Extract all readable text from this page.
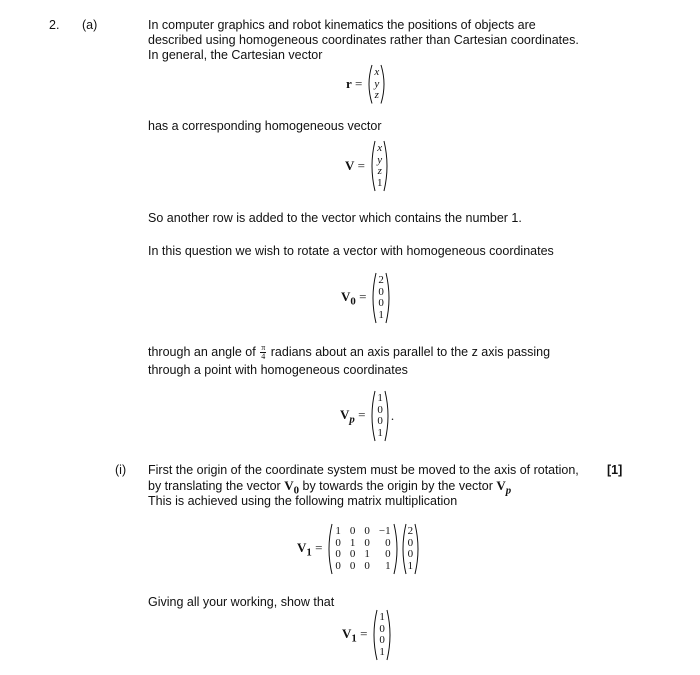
2. (a)	In computer graphics and robot kinematics the positions of objects are
described using homogeneous coordinates rather than Cartesian coordinates.
In general, the Cartesian vector
r =
x
y
z
has a corresponding homogeneous vector
V =
x
y
z
1
So another row is added to the vector which contains the number 1.
In this question we wish to rotate a vector with homogeneous coordinates
$V_0$ =
2
0
0
1
through an angle of $\frac{\pi}{4}$ radians about an axis parallel to the z axis passing
through a point with homogeneous coordinates
$V_p$ =
1
0
0
1
.
(i)	[1]
First the origin of the coordinate system must be moved to the axis of rotation,
by translating the vector $V_0$ by towards the origin by the vector $V_p$
This is achieved using the following matrix multiplication
$V_1$ =
1 0 0 −1
0 1 0	0
0 0 1	0
0 0 0	1
2
0
0
1
Giving all your working, show that
$V_1$ =
1
0
0
1
